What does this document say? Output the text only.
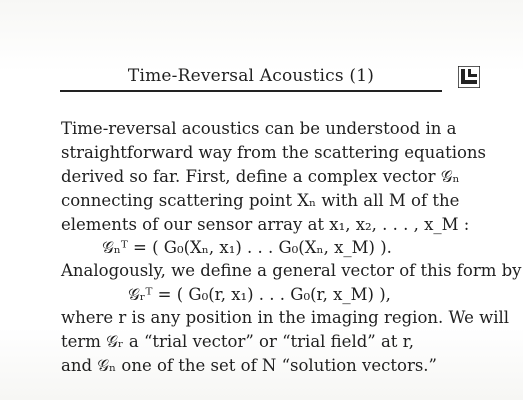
Time-Reversal Acoustics (1)
Time-reversal acoustics can be understood in a
straightforward way from the scattering equations
derived so far. First, define a complex vector 𝒢ₙ
connecting scattering point Xₙ with all M of the
elements of our sensor array at x₁, x₂, . . . , x_M :
𝒢ₙᵀ = ( G₀(Xₙ, x₁) . . . G₀(Xₙ, x_M) ).
Analogously, we define a general vector of this form by
𝒢ᵣᵀ = ( G₀(r, x₁) . . . G₀(r, x_M) ),
where r is any position in the imaging region. We will
term 𝒢ᵣ a “trial vector” or “trial field” at r,
and 𝒢ₙ one of the set of N “solution vectors.”
